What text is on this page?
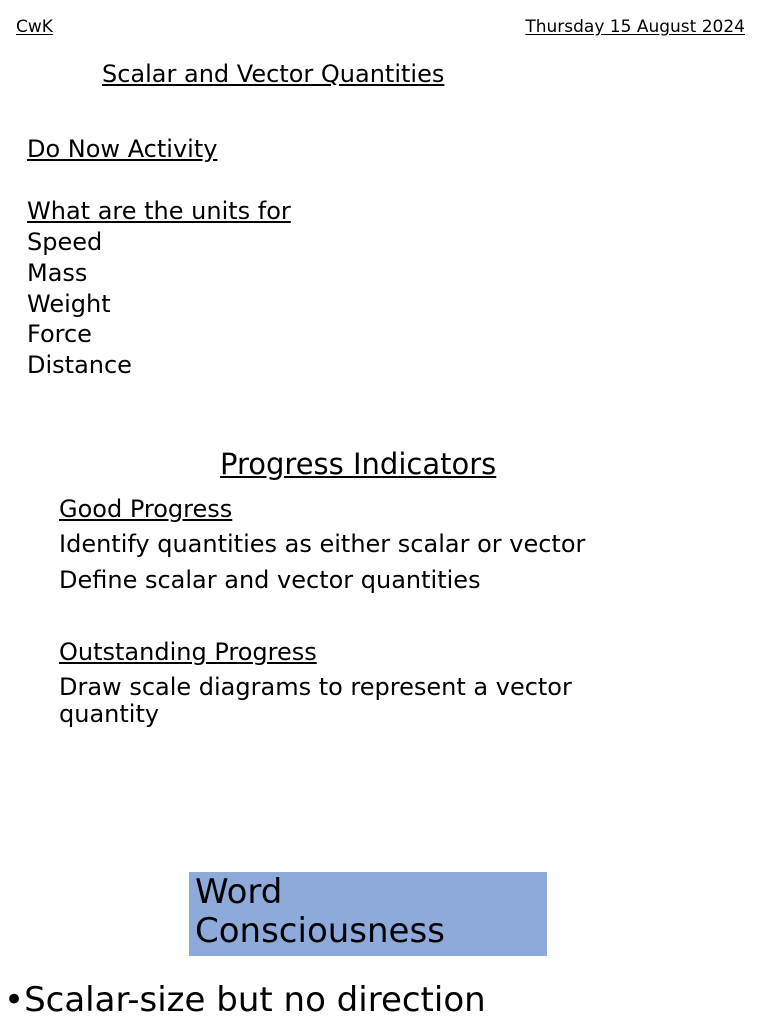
CwK	Thursday 15 August 2024
Scalar and Vector Quantities
Do Now Activity
What are the units for
Speed
Mass
Weight
Force
Distance
Progress Indicators
Good Progress
Identify quantities as either scalar or vector
Define scalar and vector quantities
Outstanding Progress
Draw scale diagrams to represent a vector quantity
Word Consciousness
•Scalar-size but no direction
